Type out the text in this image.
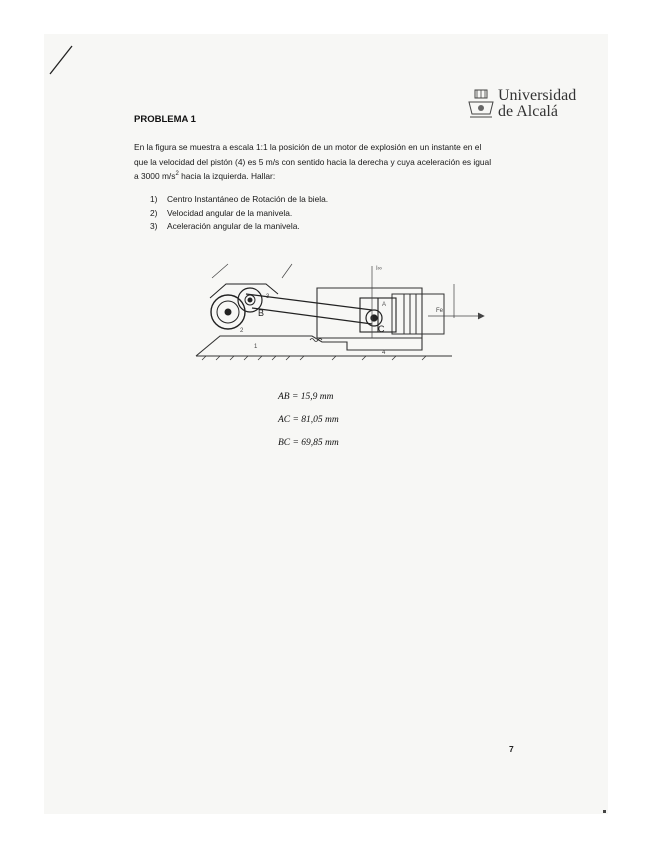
Universidad
de Alcalá
PROBLEMA 1
En la figura se muestra a escala 1:1 la posición de un motor de explosión en un instante en el
que la velocidad del pistón (4) es 5 m/s con sentido hacia la derecha y cuya aceleración es igual
a 3000 $m/s^2$ hacia la izquierda. Hallar:
1) Centro Instantáneo de Rotación de la biela.
2) Velocidad angular de la manivela.
3) Aceleración angular de la manivela.
B
C
A
1
2
3
4
Fe
I∞
AB = 15,9 mm
AC = 81,05 mm
BC = 69,85 mm
7
